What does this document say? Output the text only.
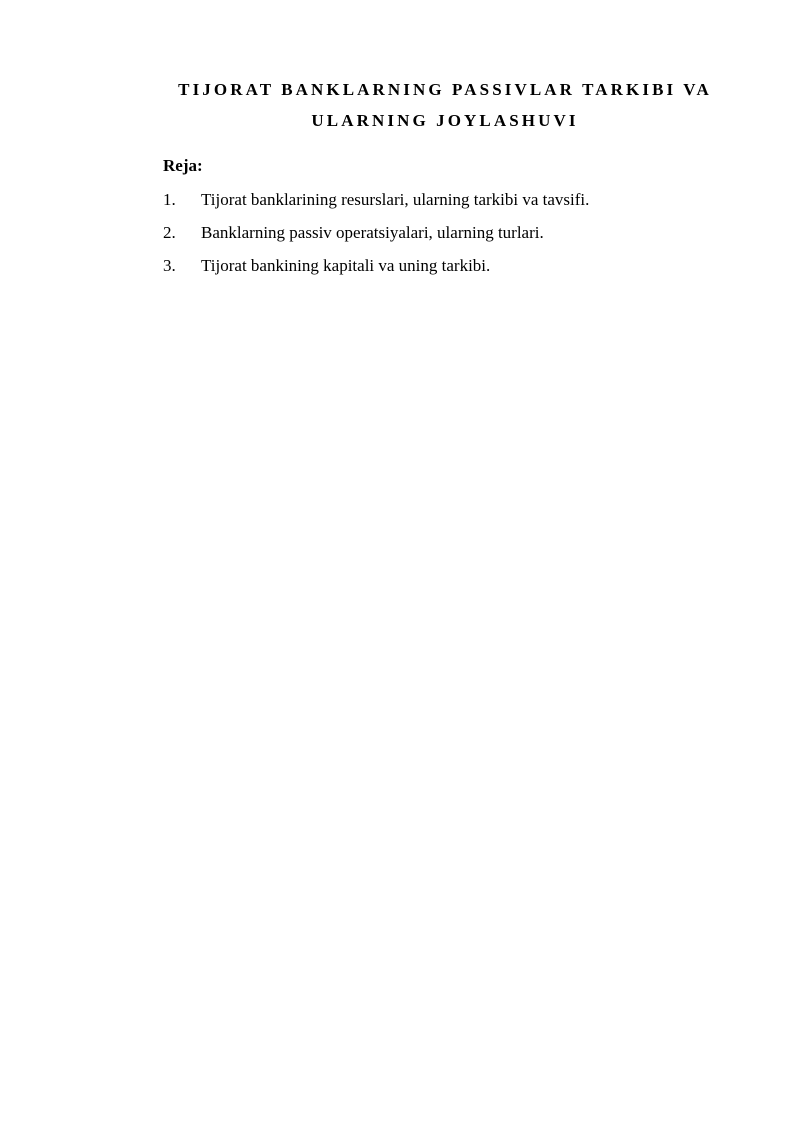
TIJORAT BANKLARNING PASSIVLAR TARKIBI VA
ULARNING JOYLASHUVI
Reja:
1.	Tijorat banklarining resurslari, ularning tarkibi va tavsifi.
2.	Banklarning passiv operatsiyalari, ularning turlari.
3.	Tijorat bankining kapitali va uning tarkibi.
